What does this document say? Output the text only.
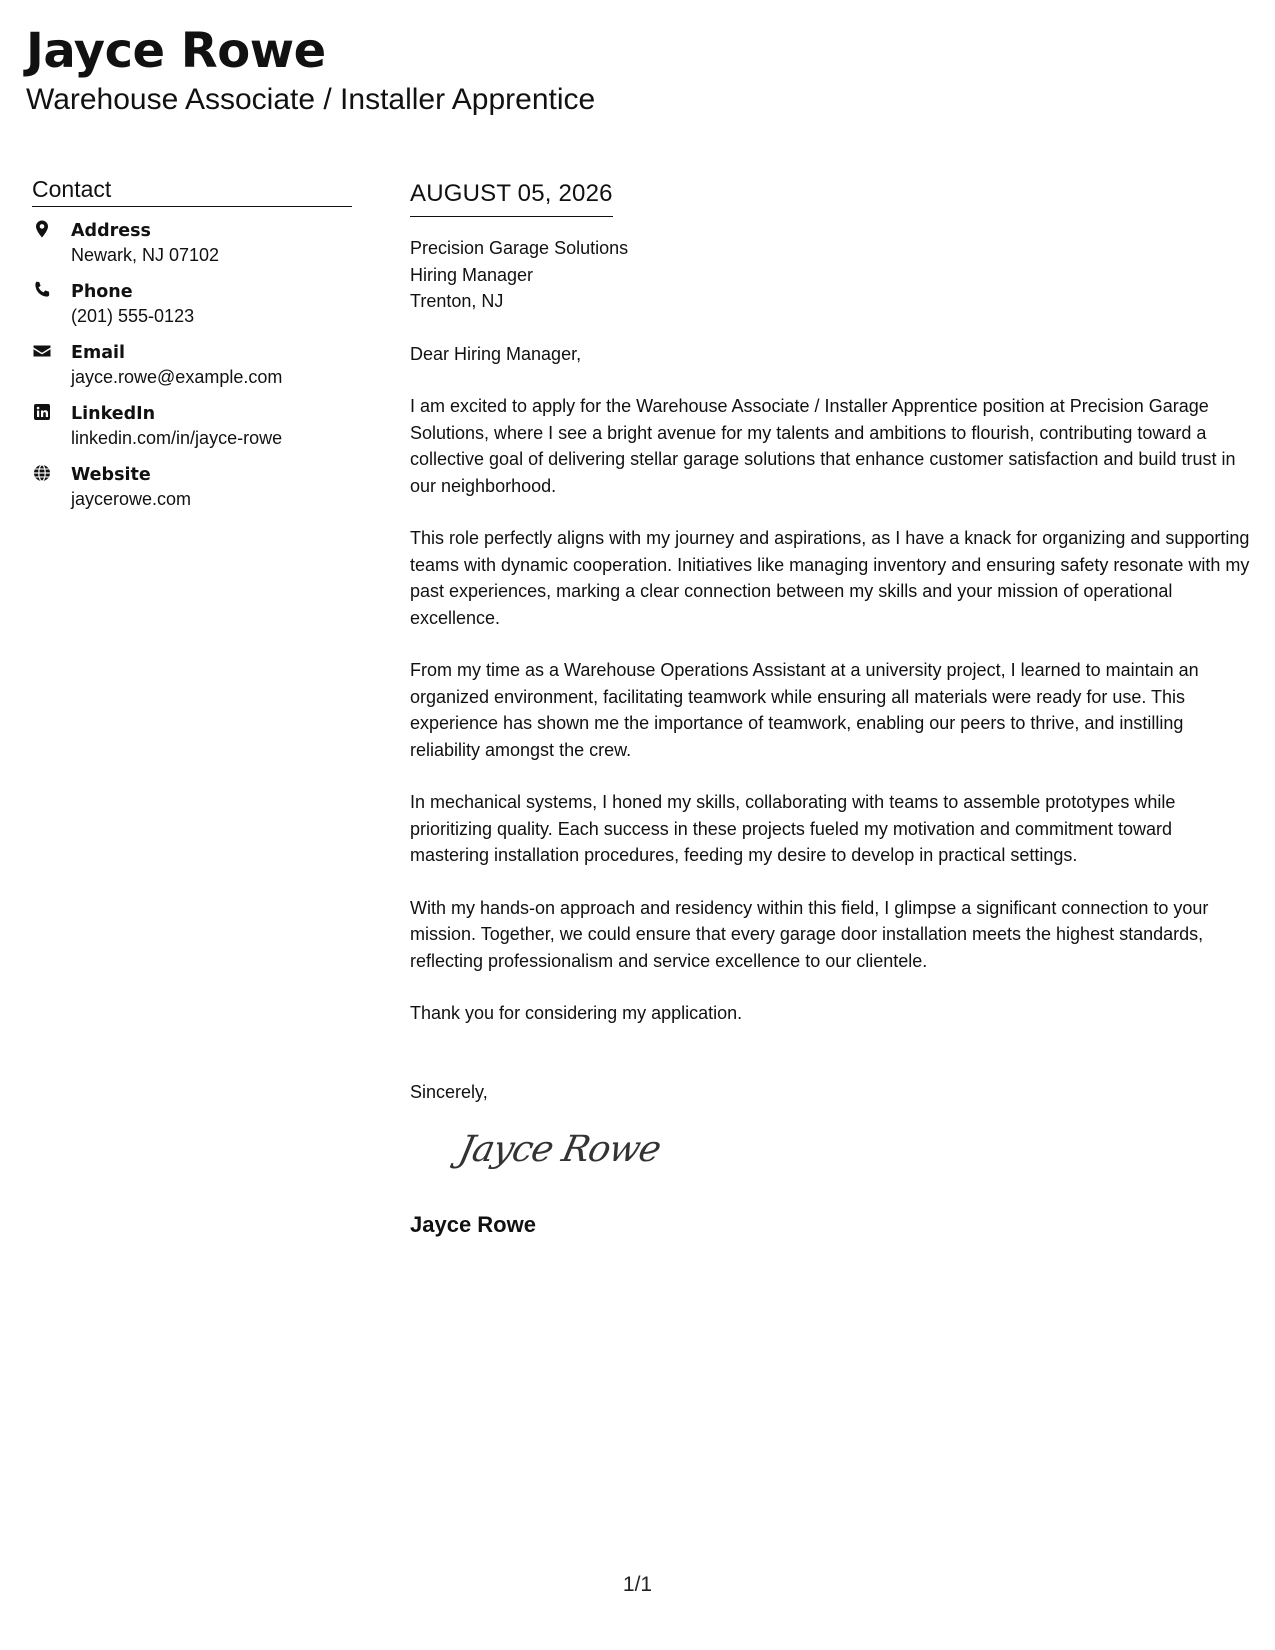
Jayce Rowe
Warehouse Associate / Installer Apprentice
Contact
Address
Newark, NJ 07102
Phone
(201) 555-0123
Email
jayce.rowe@example.com
LinkedIn
linkedin.com/in/jayce-rowe
Website
jaycerowe.com
AUGUST 05, 2026
Precision Garage Solutions
Hiring Manager
Trenton, NJ
Dear Hiring Manager,
I am excited to apply for the Warehouse Associate / Installer Apprentice position at Precision Garage Solutions, where I see a bright avenue for my talents and ambitions to flourish, contributing toward a collective goal of delivering stellar garage solutions that enhance customer satisfaction and build trust in our neighborhood.
This role perfectly aligns with my journey and aspirations, as I have a knack for organizing and supporting teams with dynamic cooperation. Initiatives like managing inventory and ensuring safety resonate with my past experiences, marking a clear connection between my skills and your mission of operational excellence.
From my time as a Warehouse Operations Assistant at a university project, I learned to maintain an organized environment, facilitating teamwork while ensuring all materials were ready for use. This experience has shown me the importance of teamwork, enabling our peers to thrive, and instilling reliability amongst the crew.
In mechanical systems, I honed my skills, collaborating with teams to assemble prototypes while prioritizing quality. Each success in these projects fueled my motivation and commitment toward mastering installation procedures, feeding my desire to develop in practical settings.
With my hands-on approach and residency within this field, I glimpse a significant connection to your mission. Together, we could ensure that every garage door installation meets the highest standards, reflecting professionalism and service excellence to our clientele.
Thank you for considering my application.
Sincerely,
Jayce Rowe
Jayce Rowe
1/1
